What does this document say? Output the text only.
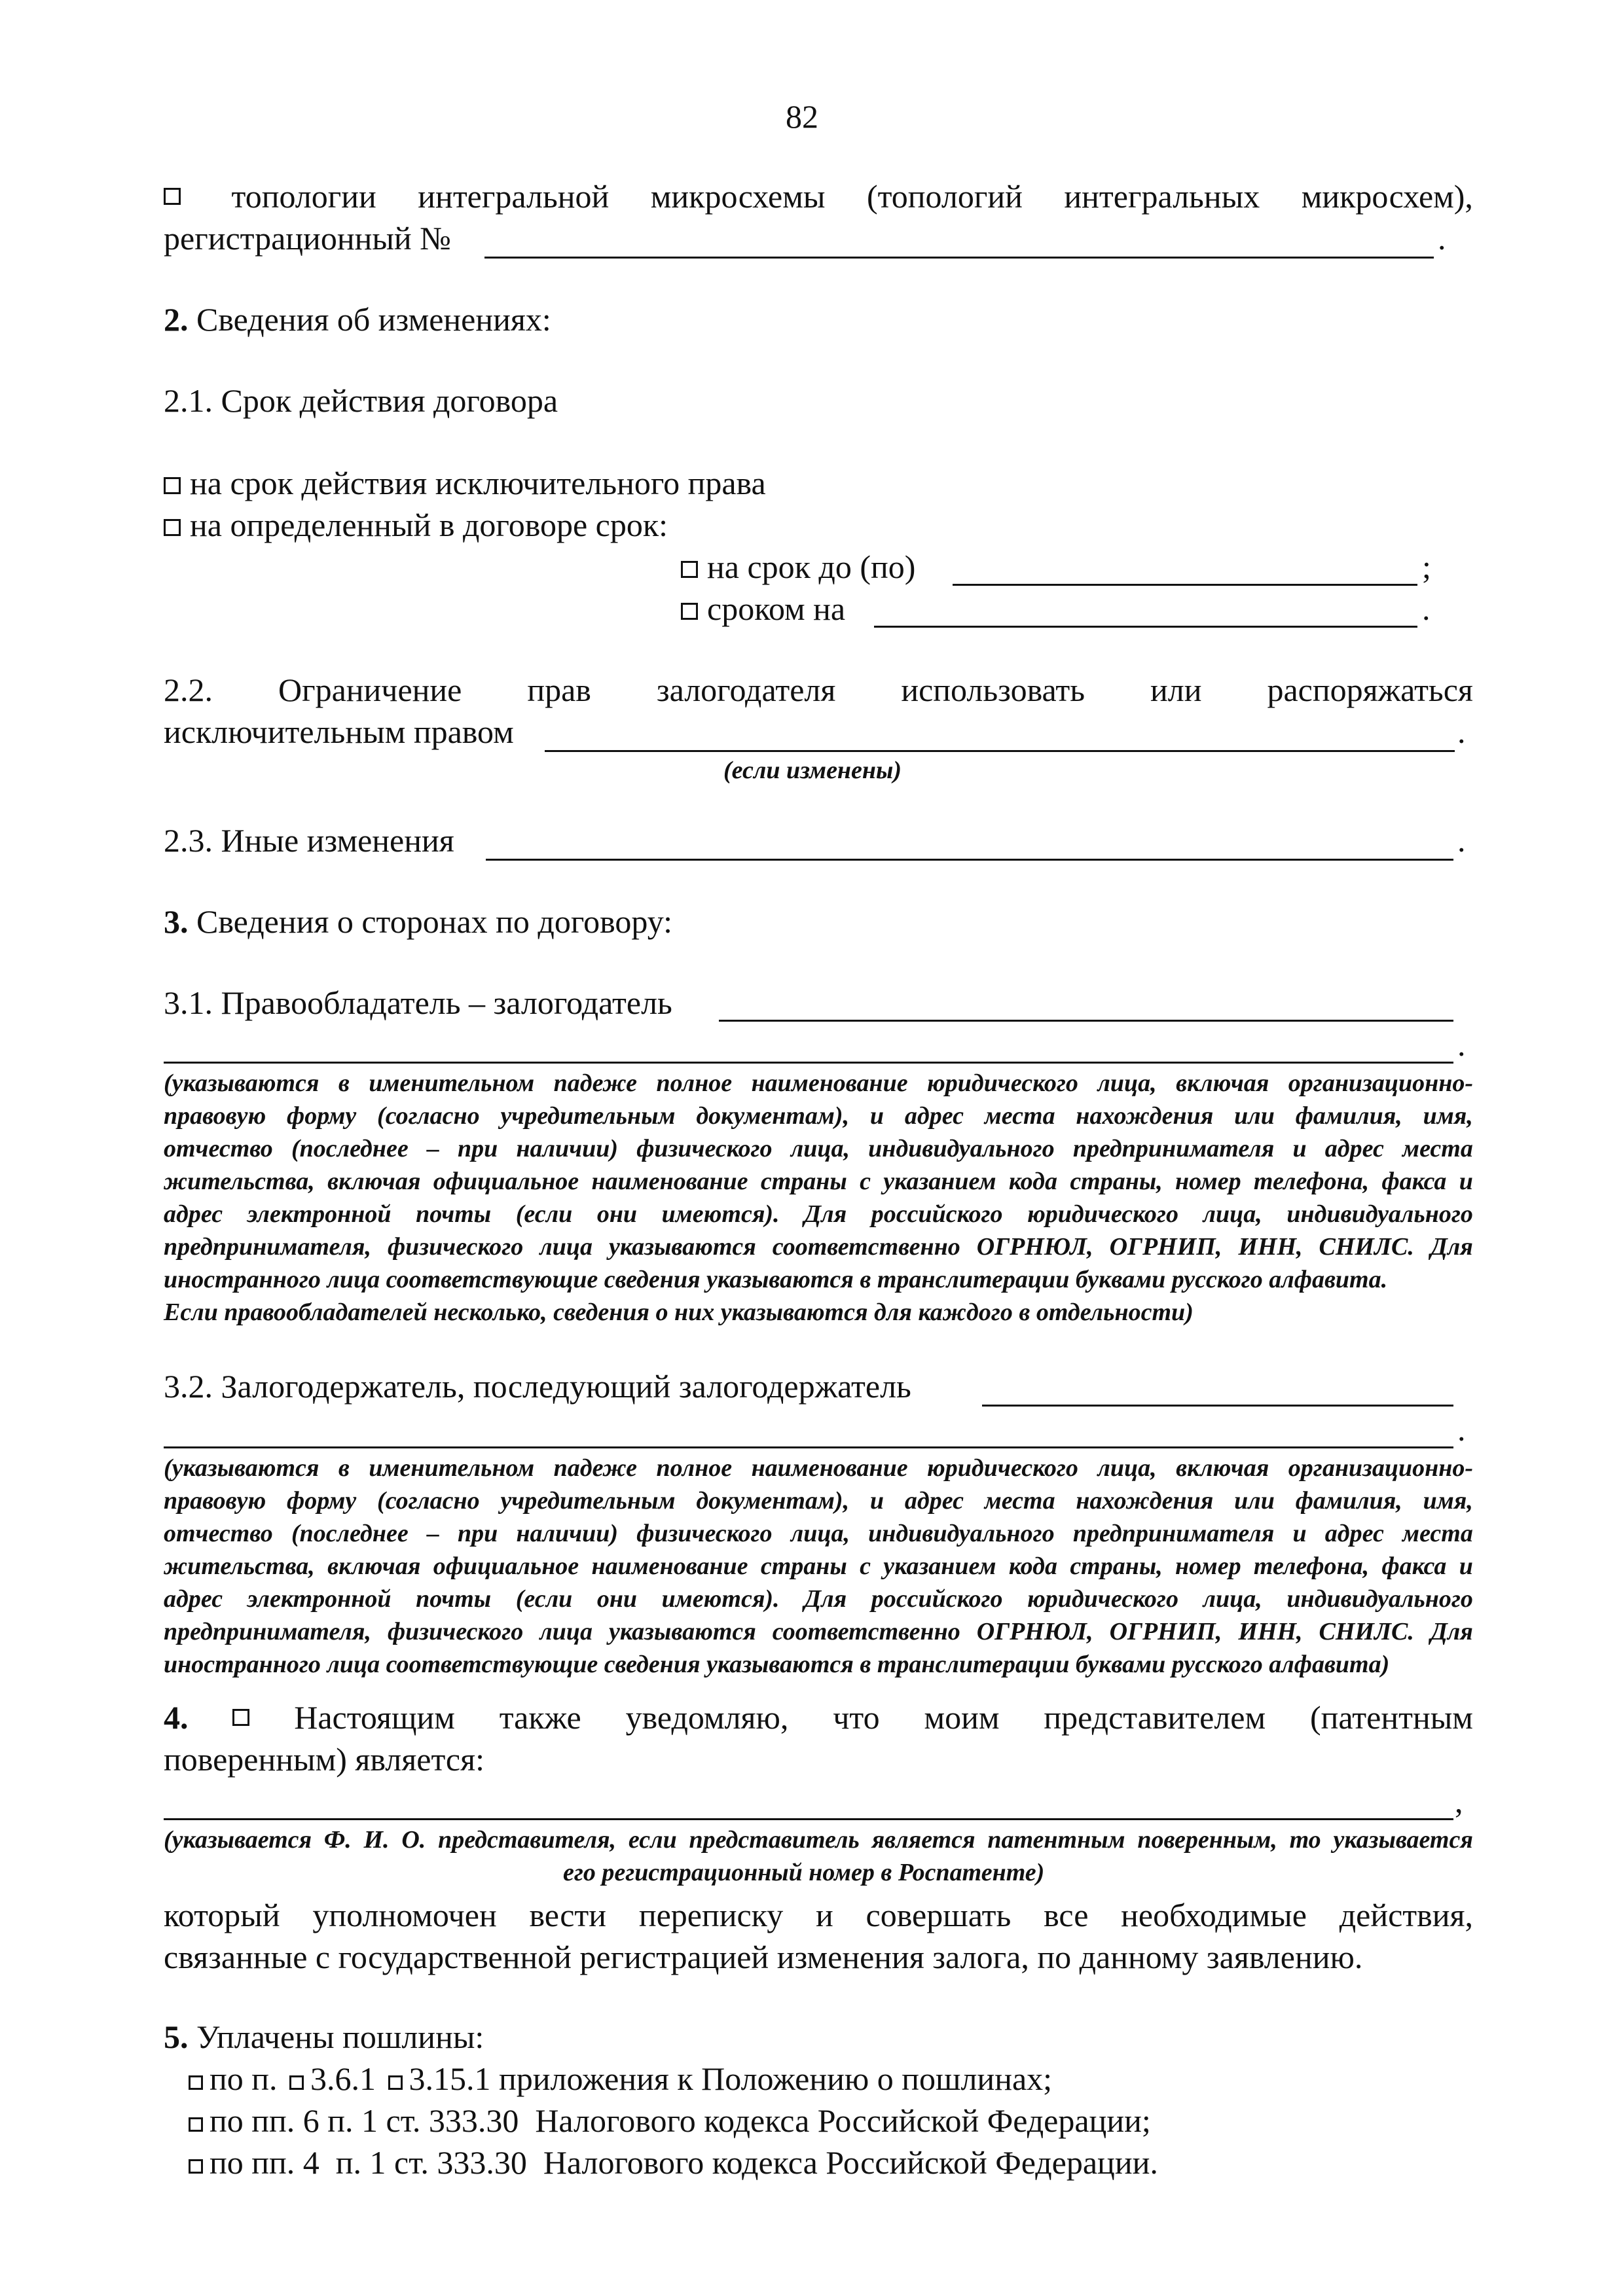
82
топологии интегральной микросхемы (топологий интегральных микросхем),
регистрационный №	.
2. Сведения об изменениях:
2.1. Срок действия договора
на срок действия исключительного права
на определенный в договоре срок:
на срок до (по)	;
сроком на	.
2.2. Ограничение прав залогодателя использовать или распоряжаться
исключительным правом	.
(если изменены)
2.3. Иные изменения	.
3. Сведения о сторонах по договору:
3.1. Правообладатель – залогодатель
.
(указываются в именительном падеже полное наименование юридического лица, включая организационно-
правовую форму (согласно учредительным документам), и адрес места нахождения или фамилия, имя,
отчество (последнее – при наличии) физического лица, индивидуального предпринимателя и адрес места
жительства, включая официальное наименование страны с указанием кода страны, номер телефона, факса и
адрес электронной почты (если они имеются). Для российского юридического лица, индивидуального
предпринимателя, физического лица указываются соответственно ОГРНЮЛ, ОГРНИП, ИНН, СНИЛС. Для
иностранного лица соответствующие сведения указываются в транслитерации буквами русского алфавита.
Если правообладателей несколько, сведения о них указываются для каждого в отдельности)
3.2. Залогодержатель, последующий залогодержатель
.
(указываются в именительном падеже полное наименование юридического лица, включая организационно-
правовую форму (согласно учредительным документам), и адрес места нахождения или фамилия, имя,
отчество (последнее – при наличии) физического лица, индивидуального предпринимателя и адрес места
жительства, включая официальное наименование страны с указанием кода страны, номер телефона, факса и
адрес электронной почты (если они имеются). Для российского юридического лица, индивидуального
предпринимателя, физического лица указываются соответственно ОГРНЮЛ, ОГРНИП, ИНН, СНИЛС. Для
иностранного лица соответствующие сведения указываются в транслитерации буквами русского алфавита)
4.	Настоящим также уведомляю, что моим представителем (патентным
поверенным) является:
,
(указывается Ф. И. О. представителя, если представитель является патентным поверенным, то указывается
его регистрационный номер в Роспатенте)
который уполномочен вести переписку и совершать все необходимые действия,
связанные с государственной регистрацией изменения залога, по данному заявлению.
5. Уплачены пошлины:
по п. 3.6.1 3.15.1 приложения к Положению о пошлинах;
по пп. 6 п. 1 ст. 333.30  Налогового кодекса Российской Федерации;
по пп. 4  п. 1 ст. 333.30  Налогового кодекса Российской Федерации.
